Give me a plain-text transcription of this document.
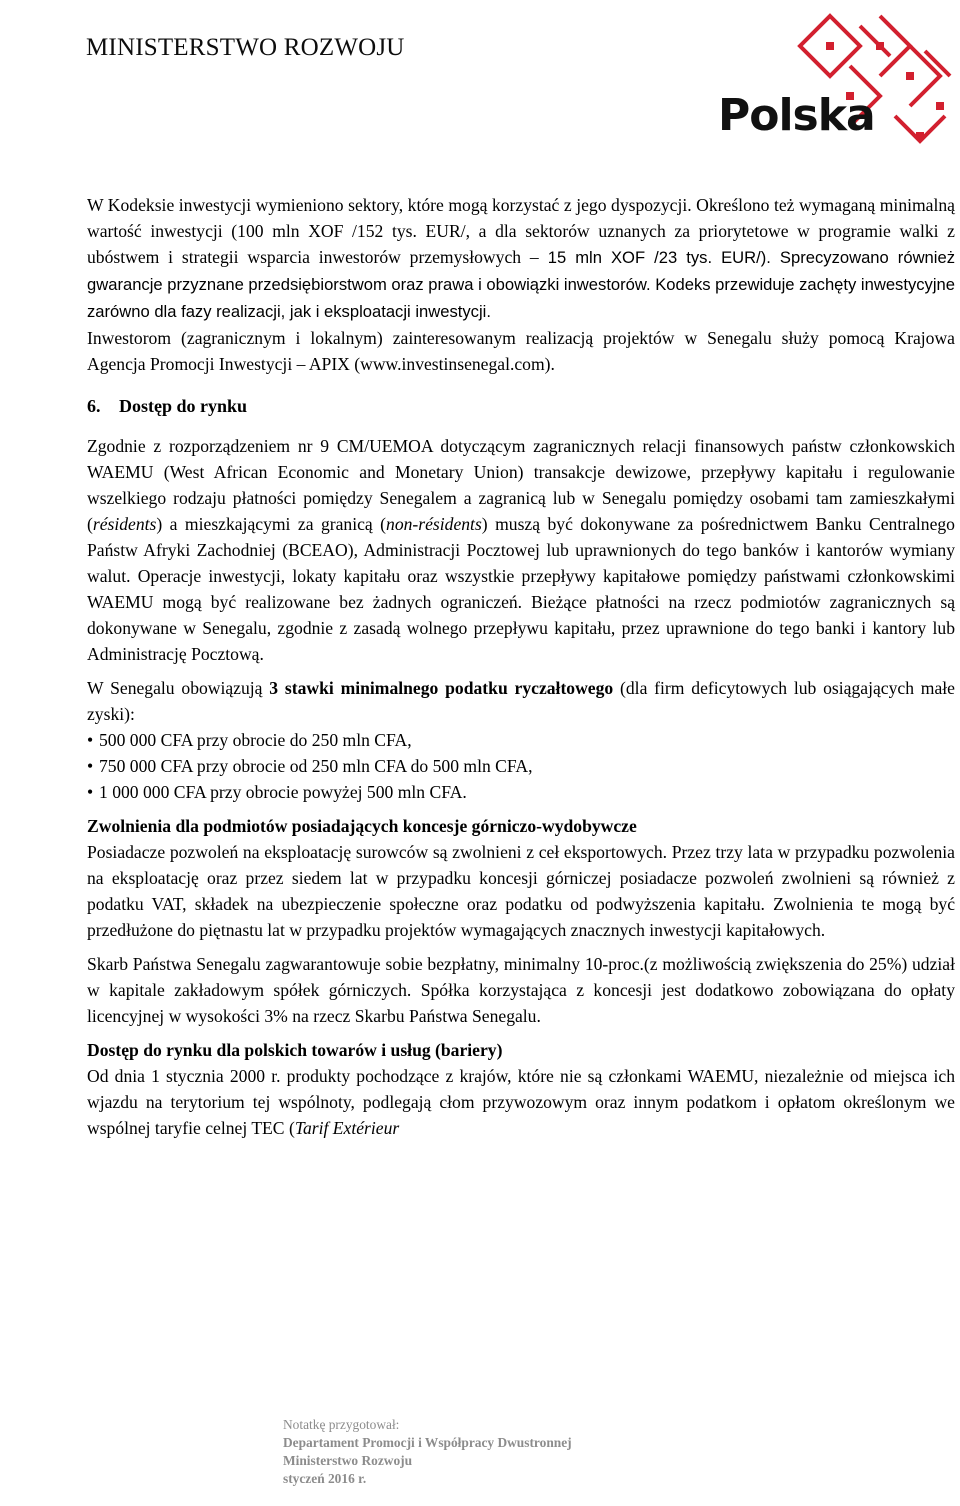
MINISTERSTWO ROZWOJU
Polska

W Kodeksie inwestycji wymieniono sektory, które mogą korzystać z jego dyspozycji. Określono też wymaganą minimalną wartość inwestycji (100 mln XOF /152 tys. EUR/, a dla sektorów uznanych za priorytetowe w programie walki z ubóstwem i strategii wsparcia inwestorów przemysłowych – 15 mln XOF /23 tys. EUR/). Sprecyzowano również gwarancje przyznane przedsiębiorstwom oraz prawa i obowiązki inwestorów. Kodeks przewiduje zachęty inwestycyjne zarówno dla fazy realizacji, jak i eksploatacji inwestycji.

Inwestorom (zagranicznym i lokalnym) zainteresowanym realizacją projektów w Senegalu służy pomocą Krajowa Agencja Promocji Inwestycji – APIX (www.investinsenegal.com).

6. Dostęp do rynku

Zgodnie z rozporządzeniem nr 9 CM/UEMOA dotyczącym zagranicznych relacji finansowych państw członkowskich WAEMU (West African Economic and Monetary Union) transakcje dewizowe, przepływy kapitału i regulowanie wszelkiego rodzaju płatności pomiędzy Senegalem a zagranicą lub w Senegalu pomiędzy osobami tam zamieszkałymi (résidents) a mieszkającymi za granicą (non-résidents) muszą być dokonywane za pośrednictwem Banku Centralnego Państw Afryki Zachodniej (BCEAO), Administracji Pocztowej lub uprawnionych do tego banków i kantorów wymiany walut. Operacje inwestycji, lokaty kapitału oraz wszystkie przepływy kapitałowe pomiędzy państwami członkowskimi WAEMU mogą być realizowane bez żadnych ograniczeń. Bieżące płatności na rzecz podmiotów zagranicznych są dokonywane w Senegalu, zgodnie z zasadą wolnego przepływu kapitału, przez uprawnione do tego banki i kantory lub Administrację Pocztową.

W Senegalu obowiązują 3 stawki minimalnego podatku ryczałtowego (dla firm deficytowych lub osiągających małe zyski):

• 500 000 CFA przy obrocie do 250 mln CFA,
• 750 000 CFA przy obrocie od 250 mln CFA do 500 mln CFA,
• 1 000 000 CFA przy obrocie powyżej 500 mln CFA.
Zwolnienia dla podmiotów posiadających koncesje górniczo-wydobywcze

Posiadacze pozwoleń na eksploatację surowców są zwolnieni z ceł eksportowych. Przez trzy lata w przypadku pozwolenia na eksploatację oraz przez siedem lat w przypadku koncesji górniczej posiadacze pozwoleń zwolnieni są również z podatku VAT, składek na ubezpieczenie społeczne oraz podatku od podwyższenia kapitału. Zwolnienia te mogą być przedłużone do piętnastu lat w przypadku projektów wymagających znacznych inwestycji kapitałowych.

Skarb Państwa Senegalu zagwarantowuje sobie bezpłatny, minimalny 10-proc.(z możliwością zwiększenia do 25%) udział w kapitale zakładowym spółek górniczych. Spółka korzystająca z koncesji jest dodatkowo zobowiązana do opłaty licencyjnej w wysokości 3% na rzecz Skarbu Państwa Senegalu.

Dostęp do rynku dla polskich towarów i usług (bariery)

Od dnia 1 stycznia 2000 r. produkty pochodzące z krajów, które nie są członkami WAEMU, niezależnie od miejsca ich wjazdu na terytorium tej wspólnoty, podlegają cłom przywozowym oraz innym podatkom i opłatom określonym we wspólnej taryfie celnej TEC (Tarif Extérieur

Notatkę przygotował:
Departament Promocji i Współpracy Dwustronnej
Ministerstwo Rozwoju
styczeń 2016 r.
